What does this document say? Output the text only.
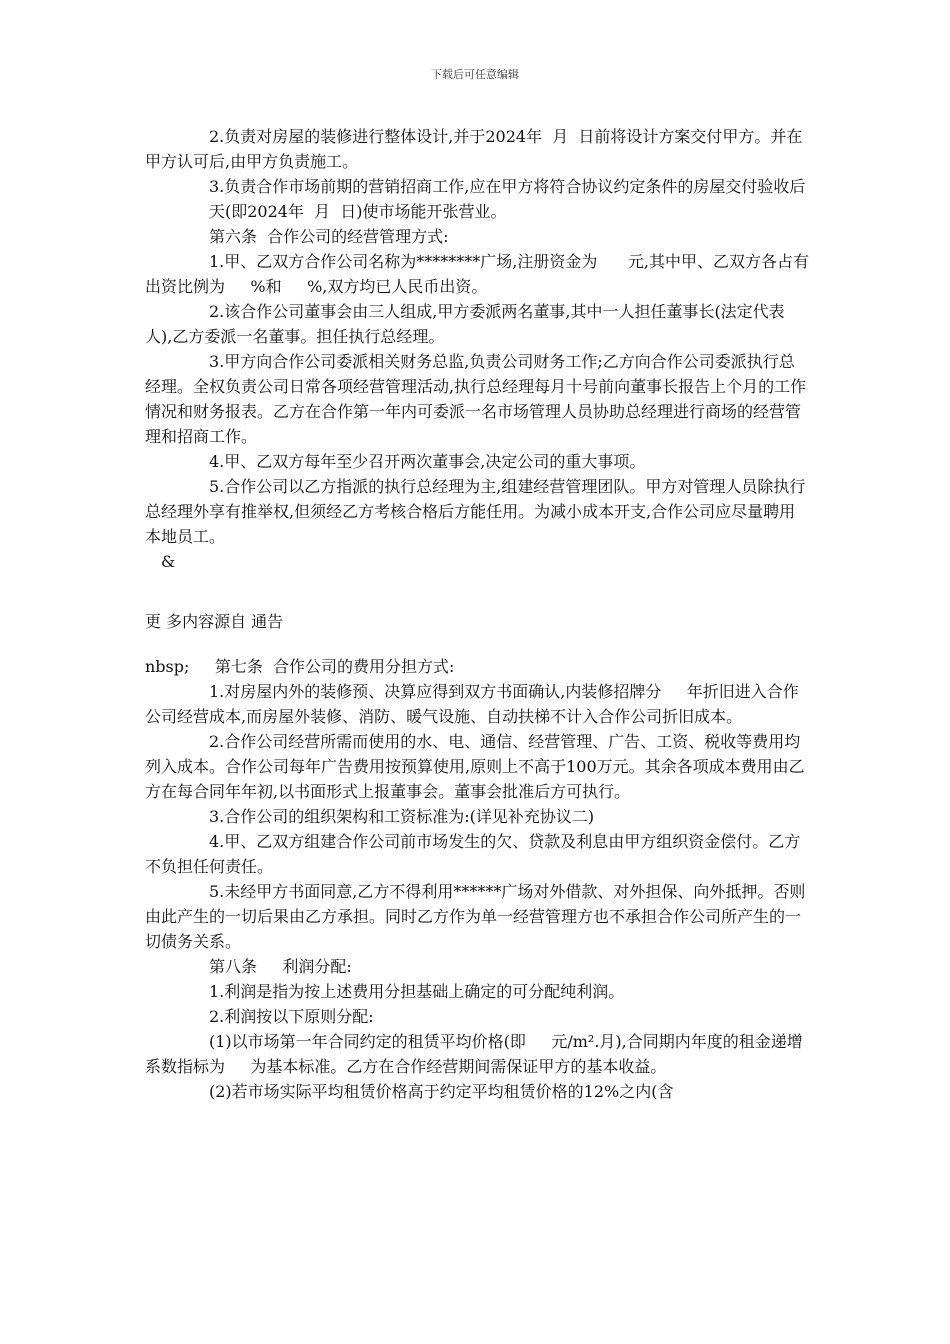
下载后可任意编辑

2.负责对房屋的装修进行整体设计,并于2024年  月  日前将设计方案交付甲方。并在甲方认可后,由甲方负责施工。

3.负责合作市场前期的营销招商工作,应在甲方将符合协议约定条件的房屋交付验收后

天(即2024年  月  日)使市场能开张营业。

第六条  合作公司的经营管理方式:

1.甲、乙双方合作公司名称为********广场,注册资金为      元,其中甲、乙双方各占有出资比例为     %和     %,双方均已人民币出资。

2.该合作公司董事会由三人组成,甲方委派两名董事,其中一人担任董事长(法定代表人),乙方委派一名董事。担任执行总经理。

3.甲方向合作公司委派相关财务总监,负责公司财务工作;乙方向合作公司委派执行总经理。全权负责公司日常各项经营管理活动,执行总经理每月十号前向董事长报告上个月的工作情况和财务报表。乙方在合作第一年内可委派一名市场管理人员协助总经理进行商场的经营管理和招商工作。

4.甲、乙双方每年至少召开两次董事会,决定公司的重大事项。

5.合作公司以乙方指派的执行总经理为主,组建经营管理团队。甲方对管理人员除执行总经理外享有推举权,但须经乙方考核合格后方能任用。为减小成本开支,合作公司应尽量聘用本地员工。

&

更 多内容源自 通告

nbsp;     第七条  合作公司的费用分担方式:

1.对房屋内外的装修预、决算应得到双方书面确认,内装修招牌分     年折旧进入合作公司经营成本,而房屋外装修、消防、暖气设施、自动扶梯不计入合作公司折旧成本。

2.合作公司经营所需而使用的水、电、通信、经营管理、广告、工资、税收等费用均列入成本。合作公司每年广告费用按预算使用,原则上不高于100万元。其余各项成本费用由乙方在每合同年年初,以书面形式上报董事会。董事会批准后方可执行。

3.合作公司的组织架构和工资标准为:(详见补充协议二)

4.甲、乙双方组建合作公司前市场发生的欠、贷款及利息由甲方组织资金偿付。乙方不负担任何责任。

5.未经甲方书面同意,乙方不得利用******广场对外借款、对外担保、向外抵押。否则由此产生的一切后果由乙方承担。同时乙方作为单一经营管理方也不承担合作公司所产生的一切债务关系。

第八条     利润分配:

1.利润是指为按上述费用分担基础上确定的可分配纯利润。

2.利润按以下原则分配:

(1)以市场第一年合同约定的租赁平均价格(即     元/m².月),合同期内年度的租金递增系数指标为     为基本标准。乙方在合作经营期间需保证甲方的基本收益。

(2)若市场实际平均租赁价格高于约定平均租赁价格的12%之内(含
